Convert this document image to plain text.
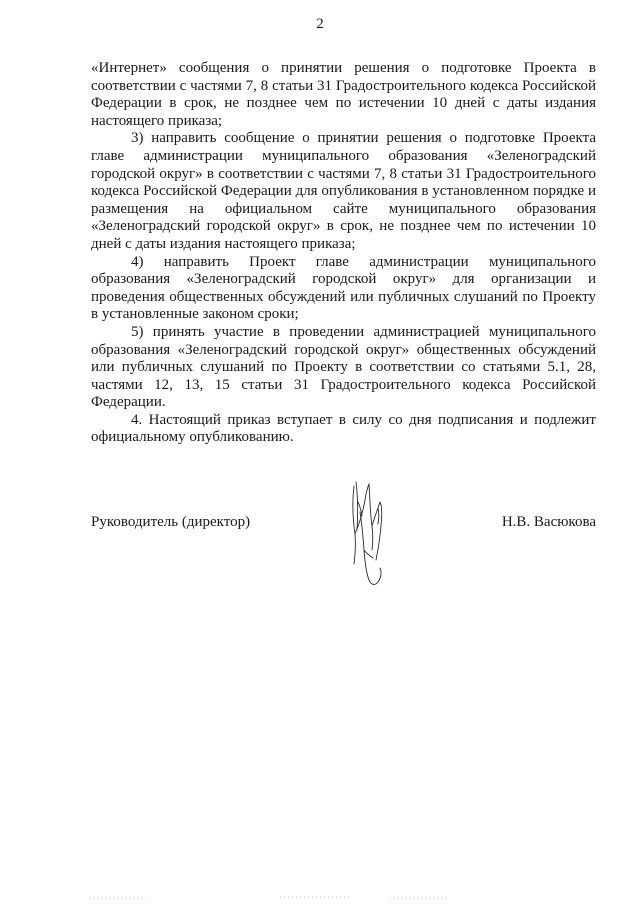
2

«Интернет» сообщения о принятии решения о подготовке Проекта в соответствии с частями 7, 8 статьи 31 Градостроительного кодекса Российской Федерации в срок, не позднее чем по истечении 10 дней с даты издания настоящего приказа;

3) направить сообщение о принятии решения о подготовке Проекта главе администрации муниципального образования «Зеленоградский городской округ» в соответствии с частями 7, 8 статьи 31 Градостроительного кодекса Российской Федерации для опубликования в установленном порядке и размещения на официальном сайте муниципального образования «Зеленоградский городской округ» в срок, не позднее чем по истечении 10 дней с даты издания настоящего приказа;

4) направить Проект главе администрации муниципального образования «Зеленоградский городской округ» для организации и проведения общественных обсуждений или публичных слушаний по Проекту в установленные законом сроки;

5) принять участие в проведении администрацией муниципального образования «Зеленоградский городской округ» общественных обсуждений или публичных слушаний по Проекту в соответствии со статьями 5.1, 28, частями 12, 13, 15 статьи 31 Градостроительного кодекса Российской Федерации.

4. Настоящий приказ вступает в силу со дня подписания и подлежит официальному опубликованию.

Руководитель (директор)	Н.В. Васюкова
